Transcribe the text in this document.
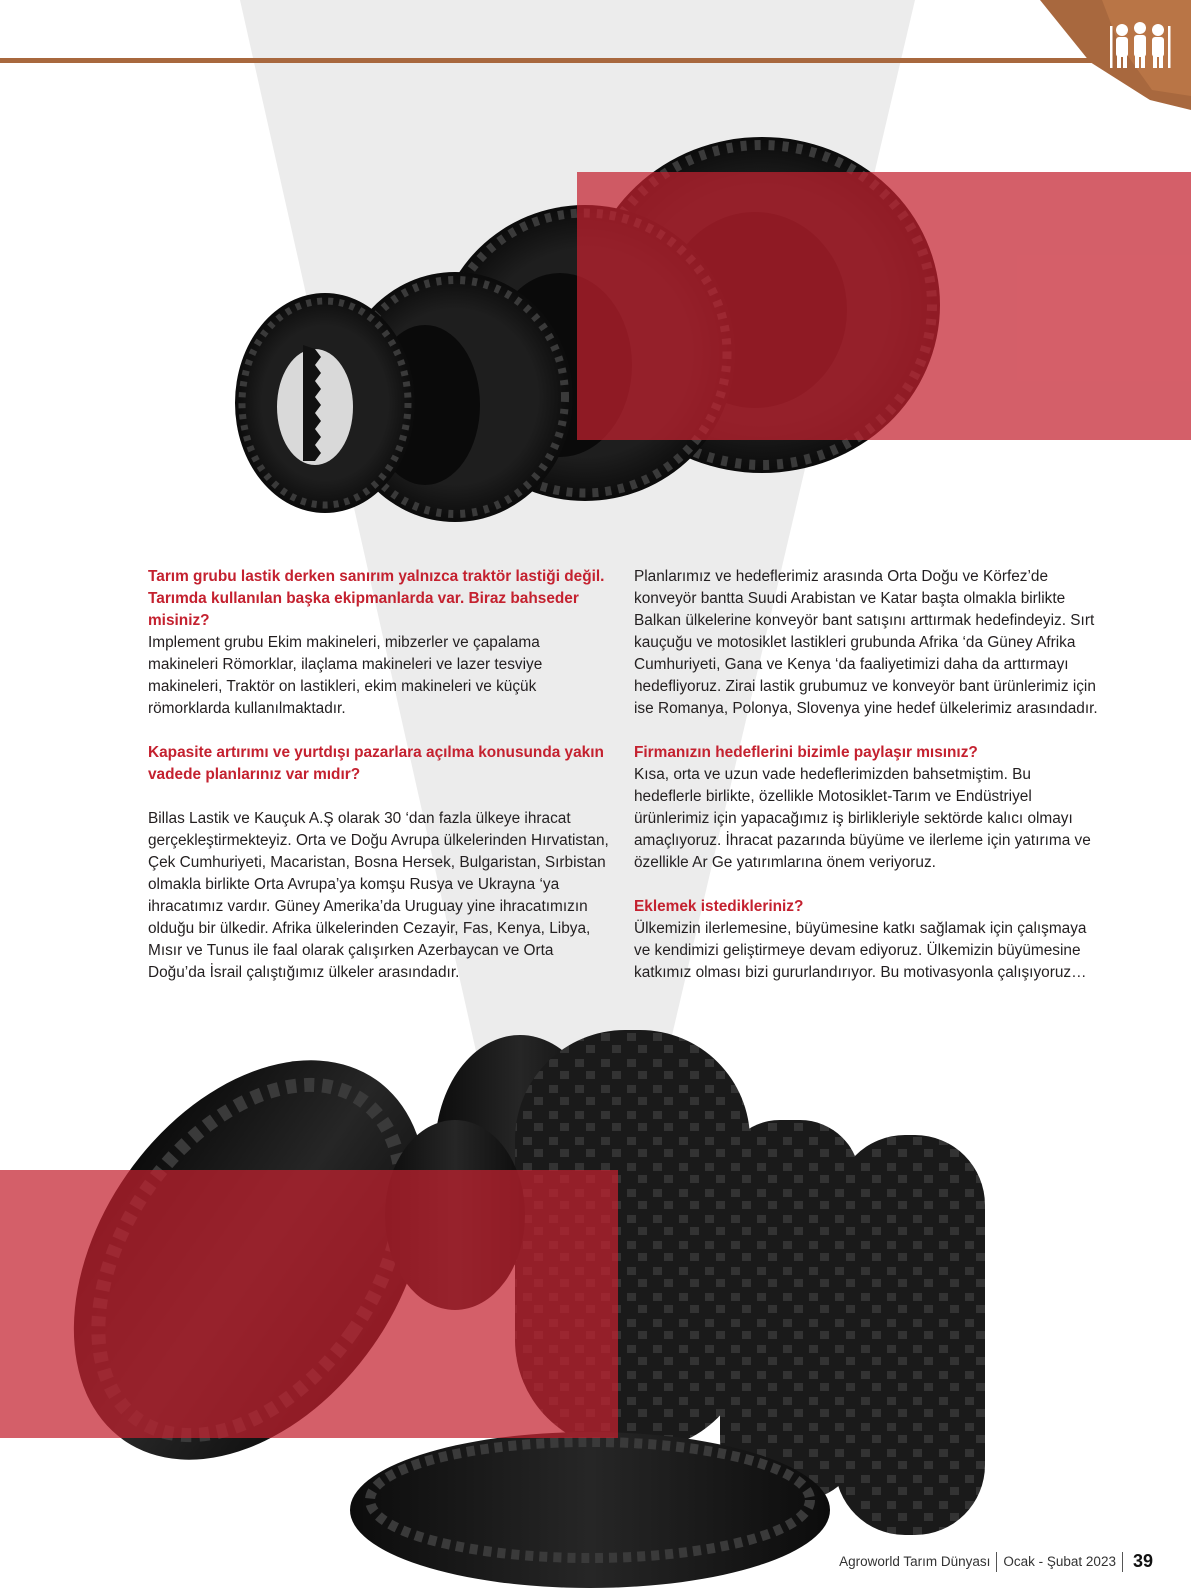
Tarım grubu lastik derken sanırım yalnızca traktör lastiği değil. Tarımda kullanılan başka ekipmanlarda var. Biraz bahseder misiniz?

Implement grubu Ekim makineleri, mibzerler ve çapalama makineleri Römorklar, ilaçlama makineleri ve lazer tesviye makineleri, Traktör on lastikleri, ekim makineleri ve küçük römorklarda kullanılmaktadır.

Kapasite artırımı ve yurtdışı pazarlara açılma konusunda yakın vadede planlarınız var mıdır?

Billas Lastik ve Kauçuk A.Ş olarak 30 ‘dan fazla ülkeye ihracat gerçekleştirmekteyiz. Orta ve Doğu Avrupa ülkelerinden Hırvatistan, Çek Cumhuriyeti, Macaristan, Bosna Hersek, Bulgaristan, Sırbistan olmakla birlikte Orta Avrupa’ya komşu Rusya ve Ukrayna ‘ya ihracatımız vardır. Güney Amerika’da Uruguay yine ihracatımızın olduğu bir ülkedir. Afrika ülkelerinden Cezayir, Fas, Kenya, Libya, Mısır ve Tunus ile faal olarak çalışırken Azerbaycan ve Orta Doğu’da İsrail çalıştığımız ülkeler arasındadır.

Planlarımız ve hedeflerimiz arasında Orta Doğu ve Körfez’de konveyör bantta Suudi Arabistan ve Katar başta olmakla birlikte Balkan ülkelerine konveyör bant satışını arttırmak hedefindeyiz. Sırt kauçuğu ve motosiklet lastikleri grubunda Afrika ‘da Güney Afrika Cumhuriyeti, Gana ve Kenya ‘da faaliyetimizi daha da arttırmayı hedefliyoruz. Zirai lastik grubumuz ve konveyör bant ürünlerimiz için ise Romanya, Polonya, Slovenya yine hedef ülkelerimiz arasındadır.

Firmanızın hedeflerini bizimle paylaşır mısınız?

Kısa, orta ve uzun vade hedeflerimizden bahsetmiştim. Bu hedeflerle birlikte, özellikle Motosiklet-Tarım ve Endüstriyel ürünlerimiz için yapacağımız iş birlikleriyle sektörde kalıcı olmayı amaçlıyoruz. İhracat pazarında büyüme ve ilerleme için yatırıma ve özellikle Ar Ge yatırımlarına önem veriyoruz.

Eklemek istedikleriniz?

Ülkemizin ilerlemesine, büyümesine katkı sağlamak için çalışmaya ve kendimizi geliştirmeye devam ediyoruz. Ülkemizin büyümesine katkımız olması bizi gururlandırıyor. Bu motivasyonla çalışıyoruz…

Agroworld Tarım Dünyası Ocak - Şubat 2023 39
